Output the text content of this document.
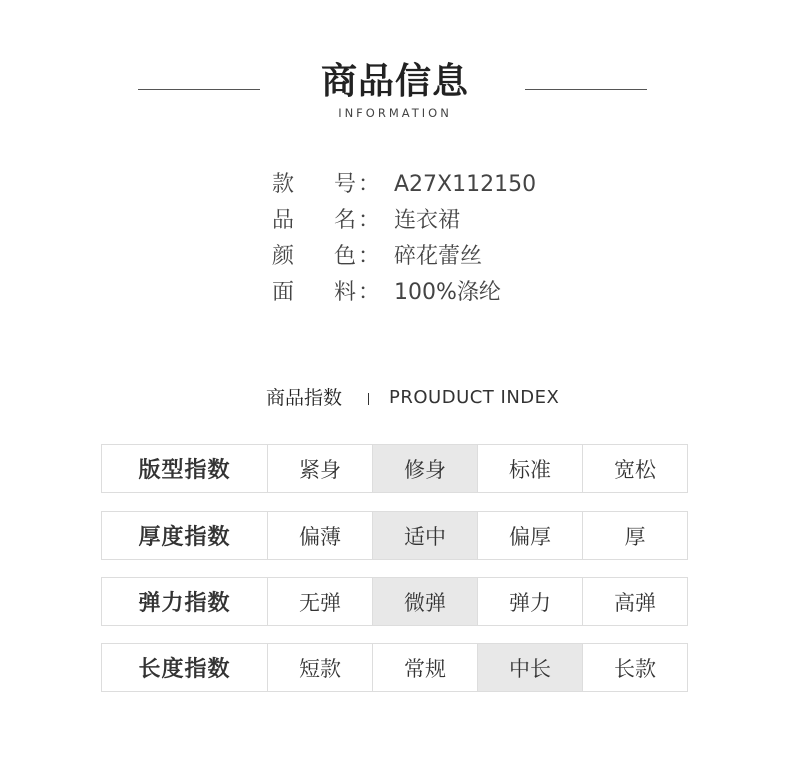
商品信息
INFORMATION
款 号 ： A27X112150
品 名 ： 连衣裙
颜 色 ： 碎花蕾丝
面 料 ： 100%涤纶
商品指数	PROUDUCT INDEX
版型指数	紧身	修身	标准	宽松
厚度指数	偏薄	适中	偏厚	厚
弹力指数	无弹	微弹	弹力	高弹
长度指数	短款	常规	中长	长款
